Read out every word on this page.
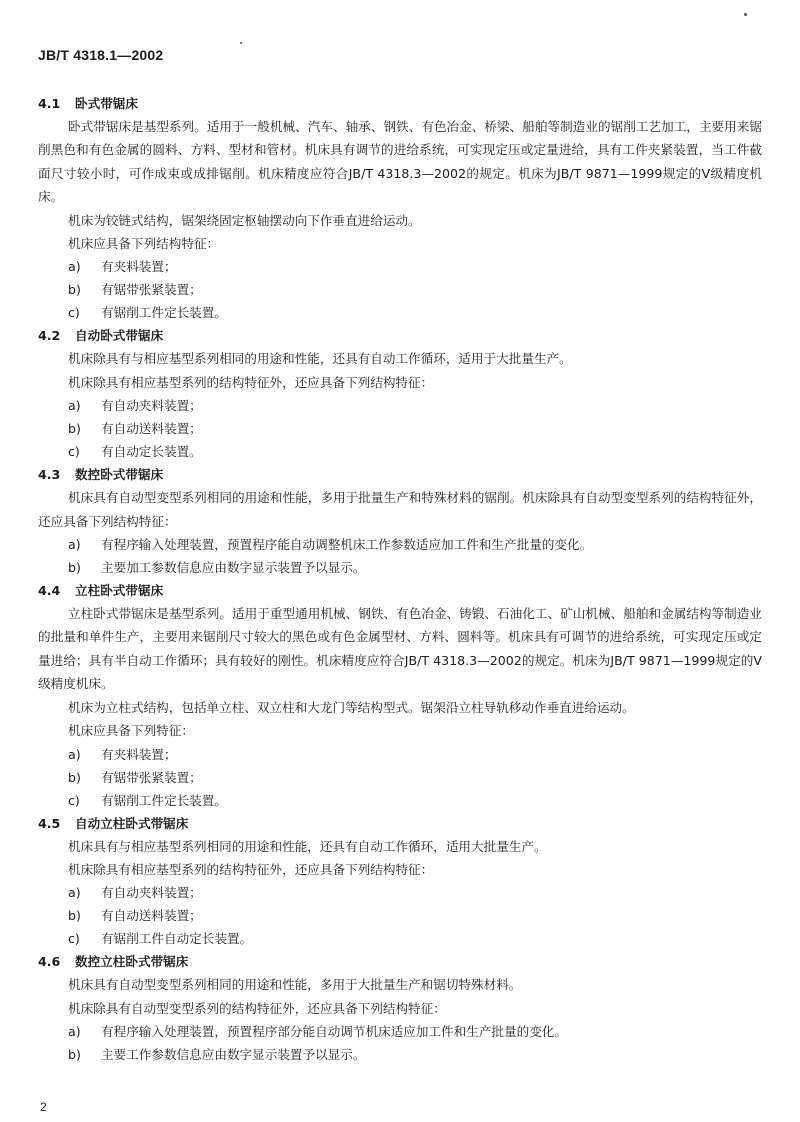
JB/T 4318.1—2002
4.1 卧式带锯床
卧式带锯床是基型系列。适用于一般机械、汽车、轴承、钢铁、有色冶金、桥梁、船舶等制造业的锯削工艺加工，主要用来锯削黑色和有色金属的圆料、方料、型材和管材。机床具有调节的进给系统，可实现定压或定量进给，具有工件夹紧装置，当工件截面尺寸较小时，可作成束或成排锯削。机床精度应符合JB/T 4318.3—2002的规定。机床为JB/T 9871—1999规定的Ⅴ级精度机床。
机床为铰链式结构，锯架绕固定枢轴摆动向下作垂直进给运动。
机床应具备下列结构特征：
a) 有夹料装置；
b) 有锯带张紧装置；
c) 有锯削工件定长装置。
4.2 自动卧式带锯床
机床除具有与相应基型系列相同的用途和性能，还具有自动工作循环，适用于大批量生产。
机床除具有相应基型系列的结构特征外，还应具备下列结构特征：
a) 有自动夹料装置；
b) 有自动送料装置；
c) 有自动定长装置。
4.3 数控卧式带锯床
机床具有自动型变型系列相同的用途和性能，多用于批量生产和特殊材料的锯削。机床除具有自动型变型系列的结构特征外，还应具备下列结构特征：
a) 有程序输入处理装置，预置程序能自动调整机床工作参数适应加工件和生产批量的变化。
b) 主要加工参数信息应由数字显示装置予以显示。
4.4 立柱卧式带锯床
立柱卧式带锯床是基型系列。适用于重型通用机械、钢铁、有色冶金、铸锻、石油化工、矿山机械、船舶和金属结构等制造业的批量和单件生产，主要用来锯削尺寸较大的黑色或有色金属型材、方料、圆料等。机床具有可调节的进给系统，可实现定压或定量进给；具有半自动工作循环；具有较好的刚性。机床精度应符合JB/T 4318.3—2002的规定。机床为JB/T 9871—1999规定的Ⅴ级精度机床。
机床为立柱式结构，包括单立柱、双立柱和大龙门等结构型式。锯架沿立柱导轨移动作垂直进给运动。
机床应具备下列特征：
a) 有夹料装置；
b) 有锯带张紧装置；
c) 有锯削工件定长装置。
4.5 自动立柱卧式带锯床
机床具有与相应基型系列相同的用途和性能，还具有自动工作循环，适用大批量生产。
机床除具有相应基型系列的结构特征外，还应具备下列结构特征：
a) 有自动夹料装置；
b) 有自动送料装置；
c) 有锯削工件自动定长装置。
4.6 数控立柱卧式带锯床
机床具有自动型变型系列相同的用途和性能，多用于大批量生产和锯切特殊材料。
机床除具有自动型变型系列的结构特征外，还应具备下列结构特征：
a) 有程序输入处理装置，预置程序部分能自动调节机床适应加工件和生产批量的变化。
b) 主要工作参数信息应由数字显示装置予以显示。
2
